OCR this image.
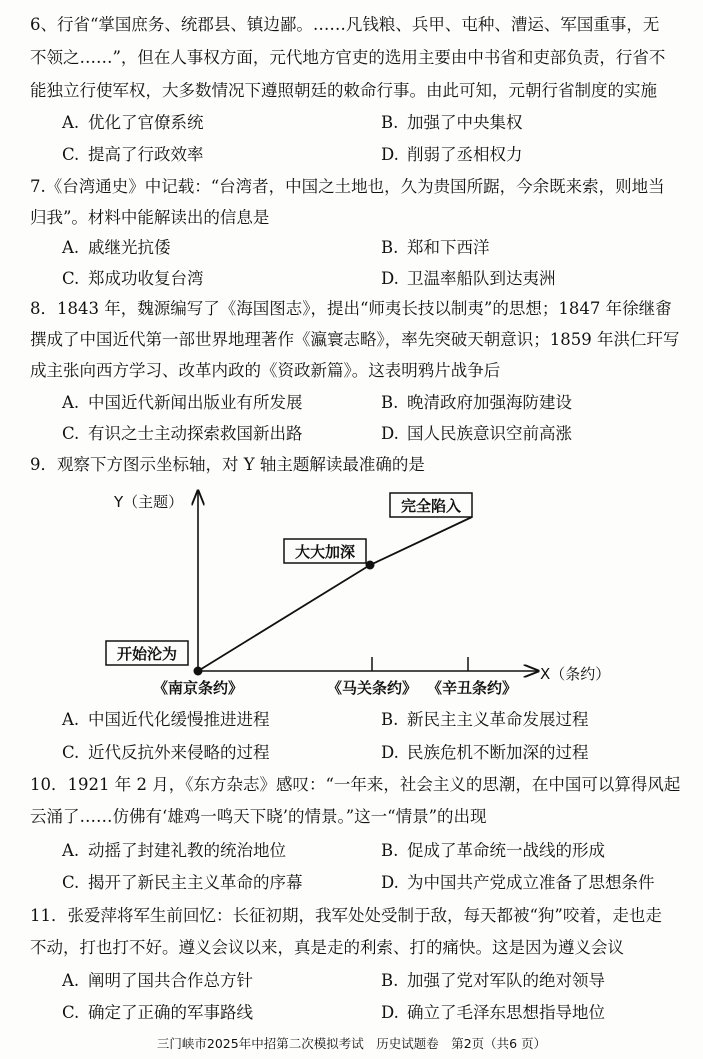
6、行省“掌国庶务、统郡县、镇边鄙。……凡钱粮、兵甲、屯种、漕运、军国重事，无
不领之……”，但在人事权方面，元代地方官吏的选用主要由中书省和吏部负责，行省不
能独立行使军权，大多数情况下遵照朝廷的敕命行事。由此可知，元朝行省制度的实施
A. 优化了官僚系统	B. 加强了中央集权
C. 提高了行政效率	D. 削弱了丞相权力
7.《台湾通史》中记载：“台湾者，中国之土地也，久为贵国所踞，今余既来索，则地当
归我”。材料中能解读出的信息是
A. 戚继光抗倭	B. 郑和下西洋
C. 郑成功收复台湾	D. 卫温率船队到达夷洲
8．1843 年，魏源编写了《海国图志》，提出“师夷长技以制夷”的思想；1847 年徐继畬
撰成了中国近代第一部世界地理著作《瀛寰志略》，率先突破天朝意识；1859 年洪仁玕写
成主张向西方学习、改革内政的《资政新篇》。这表明鸦片战争后
A. 中国近代新闻出版业有所发展	B. 晚清政府加强海防建设
C. 有识之士主动探索救国新出路	D. 国人民族意识空前高涨
9．观察下方图示坐标轴，对 Y 轴主题解读最准确的是
Y（主题）
X（条约）
《南京条约》	《马关条约》 《辛丑条约》
开始沦为
大大加深
完全陷入
A. 中国近代化缓慢推进进程	B. 新民主主义革命发展过程
C. 近代反抗外来侵略的过程	D. 民族危机不断加深的过程
10．1921 年 2 月，《东方杂志》感叹：“一年来，社会主义的思潮，在中国可以算得风起
云涌了……仿佛有‘雄鸡一鸣天下晓’的情景。”这一“情景”的出现
A. 动摇了封建礼教的统治地位	B. 促成了革命统一战线的形成
C. 揭开了新民主主义革命的序幕	D. 为中国共产党成立准备了思想条件
11．张爱萍将军生前回忆：长征初期，我军处处受制于敌，每天都被“狗”咬着，走也走
不动，打也打不好。遵义会议以来，真是走的利索、打的痛快。这是因为遵义会议
A. 阐明了国共合作总方针	B. 加强了党对军队的绝对领导
C. 确定了正确的军事路线	D. 确立了毛泽东思想指导地位
三门峡市2025年中招第二次模拟考试　历史试题卷　第2页（共6 页）
